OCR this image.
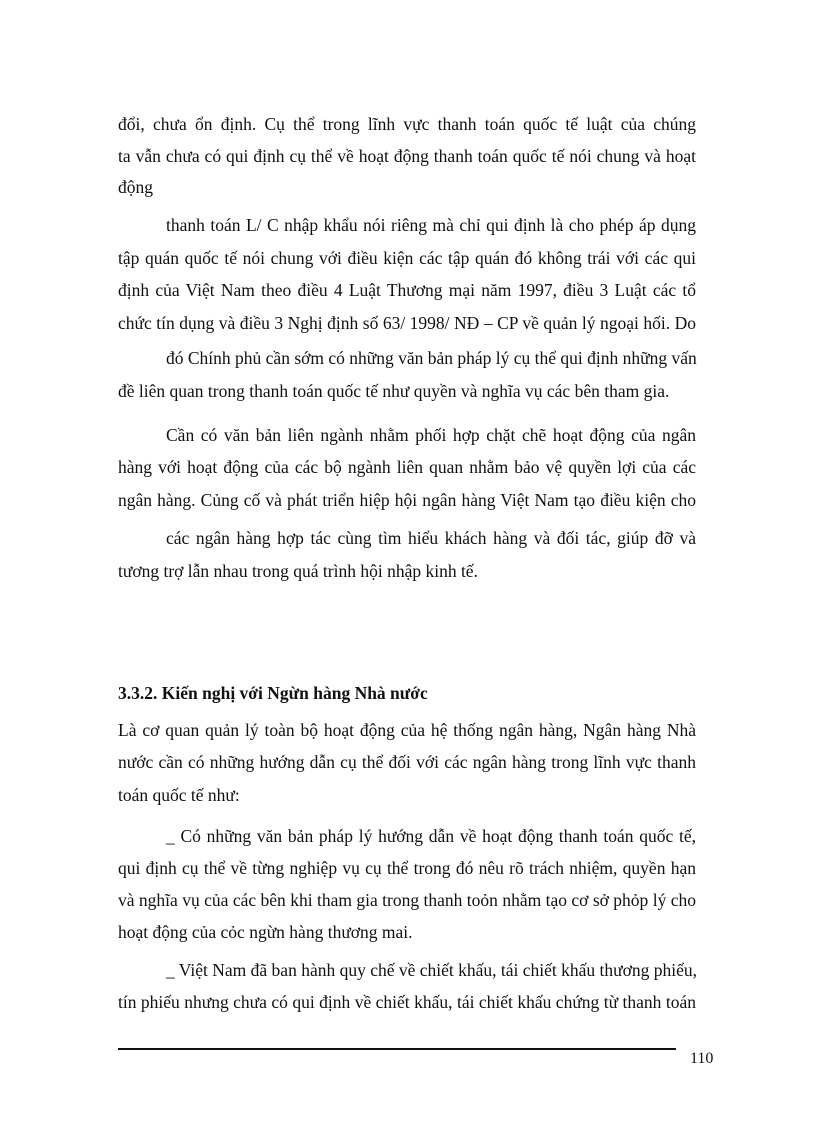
đổi, chưa ổn định. Cụ thể trong lĩnh vực thanh toán quốc tế luật của chúng
ta vẫn chưa có qui định cụ thể về hoạt động thanh toán quốc tế nói chung và hoạt
động
thanh toán L/ C nhập khẩu nói riêng mà chỉ qui định là cho phép áp dụng
tập quán quốc tế nói chung với điều kiện các tập quán đó không trái với các qui
định của Việt Nam theo điều 4 Luật Thương mại năm 1997, điều 3 Luật các tổ
chức tín dụng và điều 3 Nghị định số 63/ 1998/ NĐ – CP về quản lý ngoại hối. Do
đó Chính phủ cần sớm có những văn bản pháp lý cụ thể qui định những vấn
đề liên quan trong thanh toán quốc tế như quyền và nghĩa vụ các bên tham gia.
Cần có văn bản liên ngành nhằm phối hợp chặt chẽ hoạt động của ngân
hàng với hoạt động của các bộ ngành liên quan nhằm bảo vệ quyền lợi của các
ngân hàng. Củng cố và phát triển hiệp hội ngân hàng Việt Nam tạo điều kiện cho
các ngân hàng hợp tác cùng tìm hiểu khách hàng và đối tác, giúp đỡ và
tương trợ lẫn nhau trong quá trình hội nhập kinh tế.
3.3.2. Kiến nghị với Ngừn hàng Nhà nước
Là cơ quan quản lý toàn bộ hoạt động của hệ thống ngân hàng, Ngân hàng Nhà
nước cần có những hướng dẫn cụ thể đối với các ngân hàng trong lĩnh vực thanh
toán quốc tế như:
_ Có những văn bản pháp lý hướng dẫn về hoạt động thanh toán quốc tế,
qui định cụ thể về từng nghiệp vụ cụ thể trong đó nêu rõ trách nhiệm, quyền hạn
và nghĩa vụ của các bên khi tham gia trong thanh toỏn nhằm tạo cơ sở phỏp lý cho
hoạt động của cỏc ngừn hàng thương mai.
_ Việt Nam đã ban hành quy chế về chiết khấu, tái chiết khấu thương phiếu,
tín phiếu nhưng chưa có qui định về chiết khấu, tái chiết khấu chứng từ thanh toán
110
